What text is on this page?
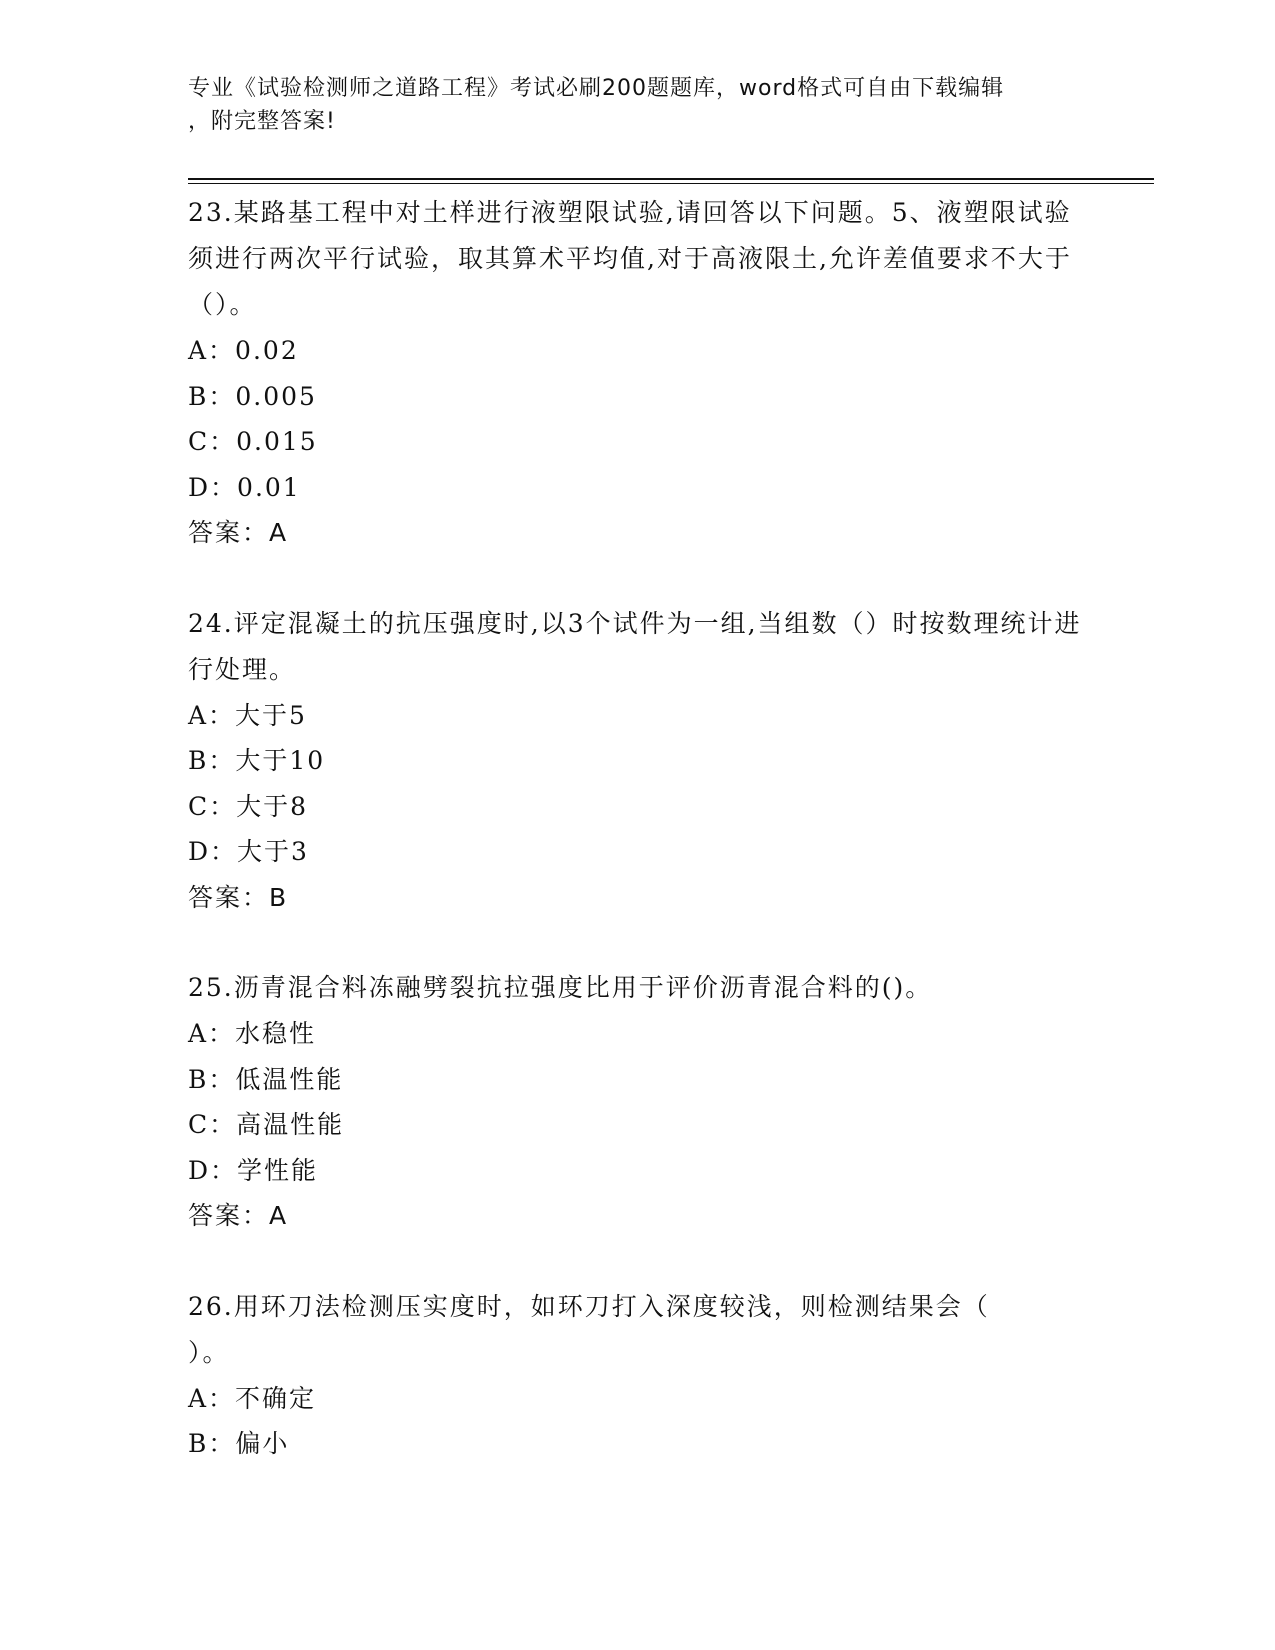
专业《试验检测师之道路工程》考试必刷200题题库，word格式可自由下载编辑
，附完整答案!

23.某路基工程中对土样进行液塑限试验,请回答以下问题。5、液塑限试验须进行两次平行试验，取其算术平均值,对于高液限土,允许差值要求不大于（）。

A：0.02

B：0.005

C：0.015

D：0.01

答案：A

24.评定混凝土的抗压强度时,以3个试件为一组,当组数（）时按数理统计进行处理。

A：大于5

B：大于10

C：大于8

D：大于3

答案：B

25.沥青混合料冻融劈裂抗拉强度比用于评价沥青混合料的()。

A：水稳性

B：低温性能

C：高温性能

D：学性能

答案：A

26.用环刀法检测压实度时，如环刀打入深度较浅，则检测结果会（ ）。

A：不确定

B：偏小
